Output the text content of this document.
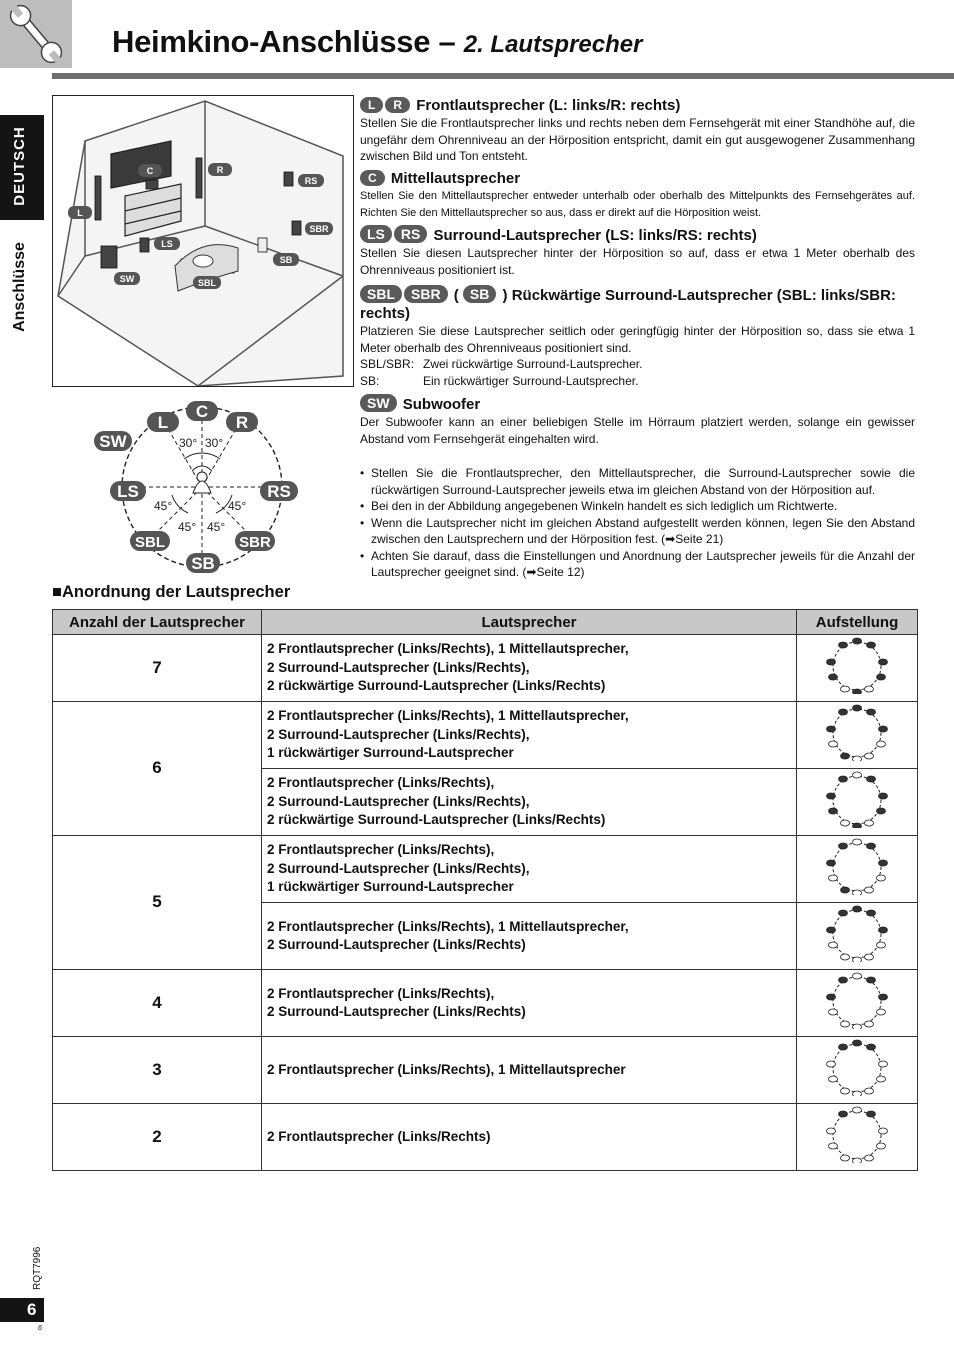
Heimkino-Anschlüsse – 2. Lautsprecher
DEUTSCH
Anschlüsse
L
C	R
RS
SBR
SB
LS
SW	SBL
L
C
R
SW
LS	RS
SBL
SB
SBR
30° 30°
45°	45°
45° 45°
L R Frontlautsprecher (L: links/R: rechts)
Stellen Sie die Frontlautsprecher links und rechts neben dem Fernsehgerät mit einer Standhöhe auf, die ungefähr dem Ohrenniveau an der Hörposition entspricht, damit ein gut ausgewogener Zusammenhang zwischen Bild und Ton entsteht.
C Mittellautsprecher
Stellen Sie den Mittellautsprecher entweder unterhalb oder oberhalb des Mittelpunkts des Fernsehgerätes auf. Richten Sie den Mittellautsprecher so aus, dass er direkt auf die Hörposition weist.
LS RS Surround-Lautsprecher (LS: links/RS: rechts)
Stellen Sie diesen Lautsprecher hinter der Hörposition so auf, dass er etwa 1 Meter oberhalb des Ohrenniveaus positioniert ist.
SBL SBR ( SB ) Rückwärtige Surround-Lautsprecher (SBL: links/SBR:
rechts)
Platzieren Sie diese Lautsprecher seitlich oder geringfügig hinter der Hörposition so, dass sie etwa 1 Meter oberhalb des Ohrenniveaus positioniert sind.
SBL/SBR: Zwei rückwärtige Surround-Lautsprecher.
SB:	Ein rückwärtiger Surround-Lautsprecher.
SW Subwoofer
Der Subwoofer kann an einer beliebigen Stelle im Hörraum platziert werden, solange ein gewisser Abstand vom Fernsehgerät eingehalten wird.
• Stellen Sie die Frontlautsprecher, den Mittellautsprecher, die Surround-Lautsprecher sowie die rückwärtigen Surround-Lautsprecher jeweils etwa im gleichen Abstand von der Hörposition auf.
• Bei den in der Abbildung angegebenen Winkeln handelt es sich lediglich um Richtwerte.
• Wenn die Lautsprecher nicht im gleichen Abstand aufgestellt werden können, legen Sie den Abstand zwischen den Lautsprechern und der Hörposition fest. (➡Seite 21)
• Achten Sie darauf, dass die Einstellungen und Anordnung der Lautsprecher jeweils für die Anzahl der Lautsprecher geeignet sind. (➡Seite 12)
■Anordnung der Lautsprecher
Anzahl der Lautsprecher	Lautsprecher	Aufstellung
7	2 Frontlautsprecher (Links/Rechts), 1 Mittellautsprecher,
2 Surround-Lautsprecher (Links/Rechts),
2 rückwärtige Surround-Lautsprecher (Links/Rechts)

6	2 Frontlautsprecher (Links/Rechts), 1 Mittellautsprecher,
2 Surround-Lautsprecher (Links/Rechts),
1 rückwärtiger Surround-Lautsprecher

	2 Frontlautsprecher (Links/Rechts),
2 Surround-Lautsprecher (Links/Rechts),
2 rückwärtige Surround-Lautsprecher (Links/Rechts)

5	2 Frontlautsprecher (Links/Rechts),
2 Surround-Lautsprecher (Links/Rechts),
1 rückwärtiger Surround-Lautsprecher

	2 Frontlautsprecher (Links/Rechts), 1 Mittellautsprecher,
2 Surround-Lautsprecher (Links/Rechts)

4	2 Frontlautsprecher (Links/Rechts),
2 Surround-Lautsprecher (Links/Rechts)

3	2 Frontlautsprecher (Links/Rechts), 1 Mittellautsprecher

2	2 Frontlautsprecher (Links/Rechts)

RQT7996
6
6
